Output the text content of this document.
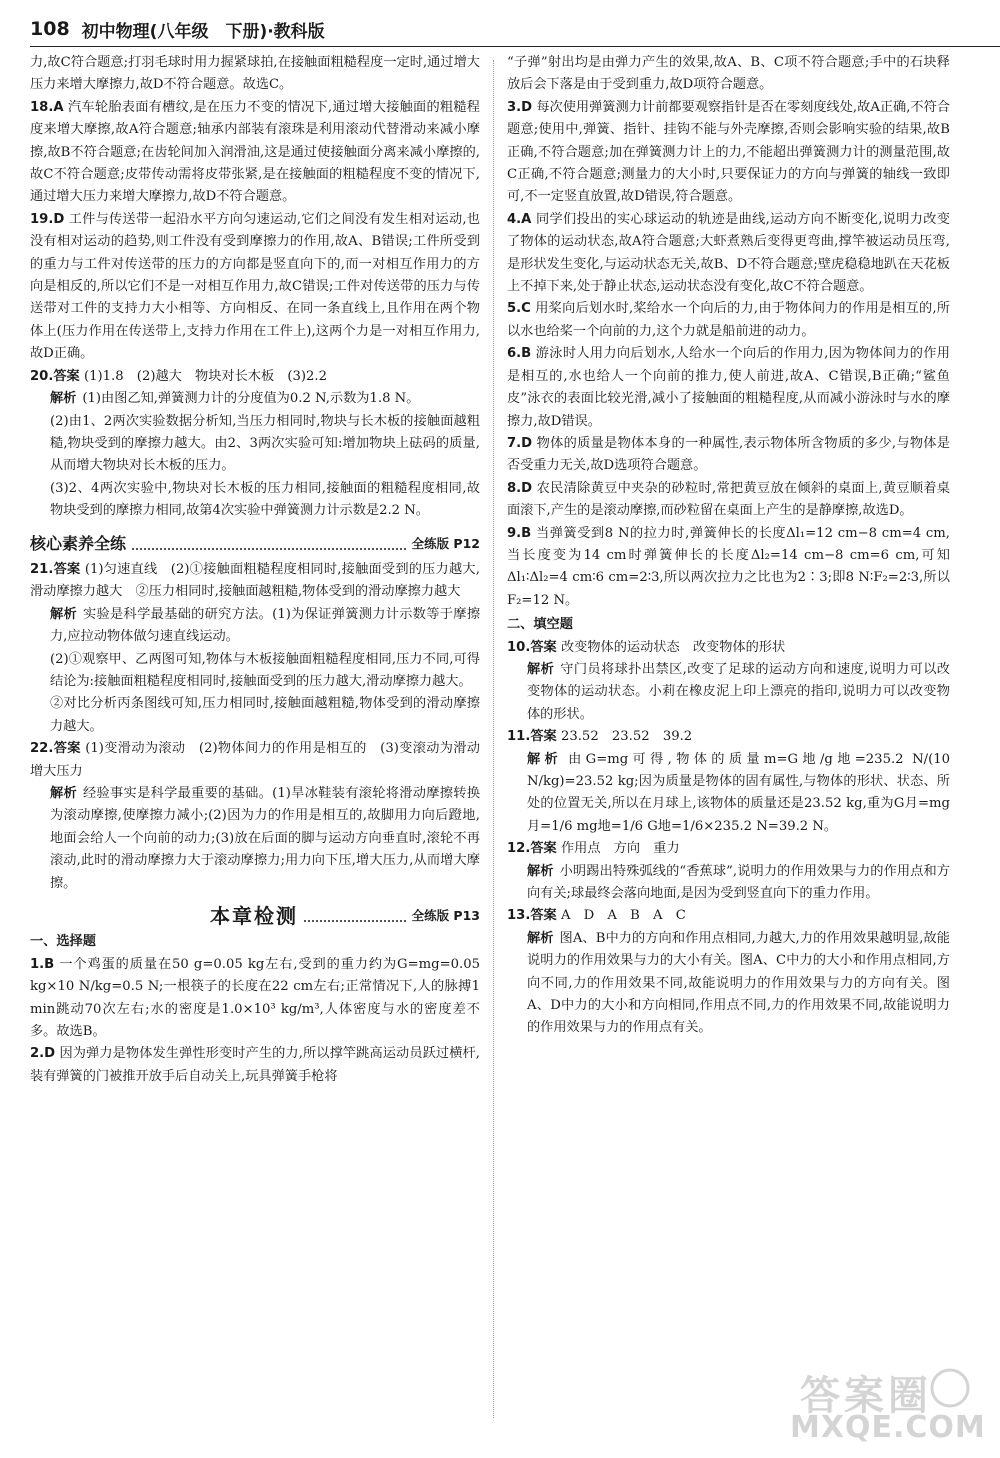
108 初中物理(八年级　下册)·教科版
力,故C符合题意;打羽毛球时用力握紧球拍,在接触面粗糙程度一定时,通过增大压力来增大摩擦力,故D不符合题意。故选C。
18.A 汽车轮胎表面有槽纹,是在压力不变的情况下,通过增大接触面的粗糙程度来增大摩擦,故A符合题意;轴承内部装有滚珠是利用滚动代替滑动来减小摩擦,故B不符合题意;在齿轮间加入润滑油,这是通过使接触面分离来减小摩擦的,故C不符合题意;皮带传动需将皮带张紧,是在接触面的粗糙程度不变的情况下,通过增大压力来增大摩擦力,故D不符合题意。
19.D 工件与传送带一起沿水平方向匀速运动,它们之间没有发生相对运动,也没有相对运动的趋势,则工件没有受到摩擦力的作用,故A、B错误;工件所受到的重力与工件对传送带的压力的方向都是竖直向下的,而一对相互作用力的方向是相反的,所以它们不是一对相互作用力,故C错误;工件对传送带的压力与传送带对工件的支持力大小相等、方向相反、在同一条直线上,且作用在两个物体上(压力作用在传送带上,支持力作用在工件上),这两个力是一对相互作用力,故D正确。
20.答案 (1)1.8　(2)越大　物块对长木板　(3)2.2
解析 (1)由图乙知,弹簧测力计的分度值为0.2 N,示数为1.8 N。
(2)由1、2两次实验数据分析知,当压力相同时,物块与长木板的接触面越粗糙,物块受到的摩擦力越大。由2、3两次实验可知:增加物块上砝码的质量,从而增大物块对长木板的压力。
(3)2、4两次实验中,物块对长木板的压力相同,接触面的粗糙程度相同,故物块受到的摩擦力相同,故第4次实验中弹簧测力计示数是2.2 N。
核心素养全练	全练版 P12
21.答案 (1)匀速直线　(2)①接触面粗糙程度相同时,接触面受到的压力越大,滑动摩擦力越大　②压力相同时,接触面越粗糙,物体受到的滑动摩擦力越大
解析 实验是科学最基础的研究方法。(1)为保证弹簧测力计示数等于摩擦力,应拉动物体做匀速直线运动。
(2)①观察甲、乙两图可知,物体与木板接触面粗糙程度相同,压力不同,可得结论为:接触面粗糙程度相同时,接触面受到的压力越大,滑动摩擦力越大。
②对比分析丙条图线可知,压力相同时,接触面越粗糙,物体受到的滑动摩擦力越大。
22.答案 (1)变滑动为滚动　(2)物体间力的作用是相互的　(3)变滚动为滑动　增大压力
解析 经验事实是科学最重要的基础。(1)旱冰鞋装有滚轮将滑动摩擦转换为滚动摩擦,使摩擦力减小;(2)因为力的作用是相互的,故脚用力向后蹬地,地面会给人一个向前的动力;(3)放在后面的脚与运动方向垂直时,滚轮不再滚动,此时的滑动摩擦力大于滚动摩擦力;用力向下压,增大压力,从而增大摩擦。
本章检测	全练版 P13
一、选择题
1.B 一个鸡蛋的质量在50 g=0.05 kg左右,受到的重力约为G=mg=0.05 kg×10 N/kg=0.5 N;一根筷子的长度在22 cm左右;正常情况下,人的脉搏1 min跳动70次左右;水的密度是1.0×10³ kg/m³,人体密度与水的密度差不多。故选B。
2.D 因为弹力是物体发生弹性形变时产生的力,所以撑竿跳高运动员跃过横杆,装有弹簧的门被推开放手后自动关上,玩具弹簧手枪将
“子弹”射出均是由弹力产生的效果,故A、B、C项不符合题意;手中的石块释放后会下落是由于受到重力,故D项符合题意。
3.D 每次使用弹簧测力计前都要观察指针是否在零刻度线处,故A正确,不符合题意;使用中,弹簧、指针、挂钩不能与外壳摩擦,否则会影响实验的结果,故B正确,不符合题意;加在弹簧测力计上的力,不能超出弹簧测力计的测量范围,故C正确,不符合题意;测量力的大小时,只要保证力的方向与弹簧的轴线一致即可,不一定竖直放置,故D错误,符合题意。
4.A 同学们投出的实心球运动的轨迹是曲线,运动方向不断变化,说明力改变了物体的运动状态,故A符合题意;大虾煮熟后变得更弯曲,撑竿被运动员压弯,是形状发生变化,与运动状态无关,故B、D不符合题意;壁虎稳稳地趴在天花板上不掉下来,处于静止状态,运动状态没有变化,故C不符合题意。
5.C 用桨向后划水时,桨给水一个向后的力,由于物体间力的作用是相互的,所以水也给桨一个向前的力,这个力就是船前进的动力。
6.B 游泳时人用力向后划水,人给水一个向后的作用力,因为物体间力的作用是相互的,水也给人一个向前的推力,使人前进,故A、C错误,B正确;“鲨鱼皮”泳衣的表面比较光滑,减小了接触面的粗糙程度,从而减小游泳时与水的摩擦力,故D错误。
7.D 物体的质量是物体本身的一种属性,表示物体所含物质的多少,与物体是否受重力无关,故D选项符合题意。
8.D 农民清除黄豆中夹杂的砂粒时,常把黄豆放在倾斜的桌面上,黄豆顺着桌面滚下,产生的是滚动摩擦,而砂粒留在桌面上产生的是静摩擦,故选D。
9.B 当弹簧受到8 N的拉力时,弹簧伸长的长度Δl₁=12 cm−8 cm=4 cm,当长度变为14 cm时弹簧伸长的长度Δl₂=14 cm−8 cm=6 cm,可知Δl₁∶Δl₂=4 cm∶6 cm=2∶3,所以两次拉力之比也为2∶3;即8 N∶F₂=2∶3,所以F₂=12 N。
二、填空题
10.答案 改变物体的运动状态　改变物体的形状
解析 守门员将球扑出禁区,改变了足球的运动方向和速度,说明力可以改变物体的运动状态。小莉在橡皮泥上印上漂亮的指印,说明力可以改变物体的形状。
11.答案 23.52　23.52　39.2
解析 由G=mg可得,物体的质量m=G地/g地=235.2 N/(10 N/kg)=23.52 kg;因为质量是物体的固有属性,与物体的形状、状态、所处的位置无关,所以在月球上,该物体的质量还是23.52 kg,重为G月=mg月=1/6 mg地=1/6 G地=1/6×235.2 N=39.2 N。
12.答案 作用点　方向　重力
解析 小明踢出特殊弧线的“香蕉球”,说明力的作用效果与力的作用点和方向有关;球最终会落向地面,是因为受到竖直向下的重力作用。
13.答案 A　D　A　B　A　C
解析 图A、B中力的方向和作用点相同,力越大,力的作用效果越明显,故能说明力的作用效果与力的大小有关。图A、C中力的大小和作用点相同,方向不同,力的作用效果不同,故能说明力的作用效果与力的方向有关。图A、D中力的大小和方向相同,作用点不同,力的作用效果不同,故能说明力的作用效果与力的作用点有关。
答案圈
MXQE.COM
